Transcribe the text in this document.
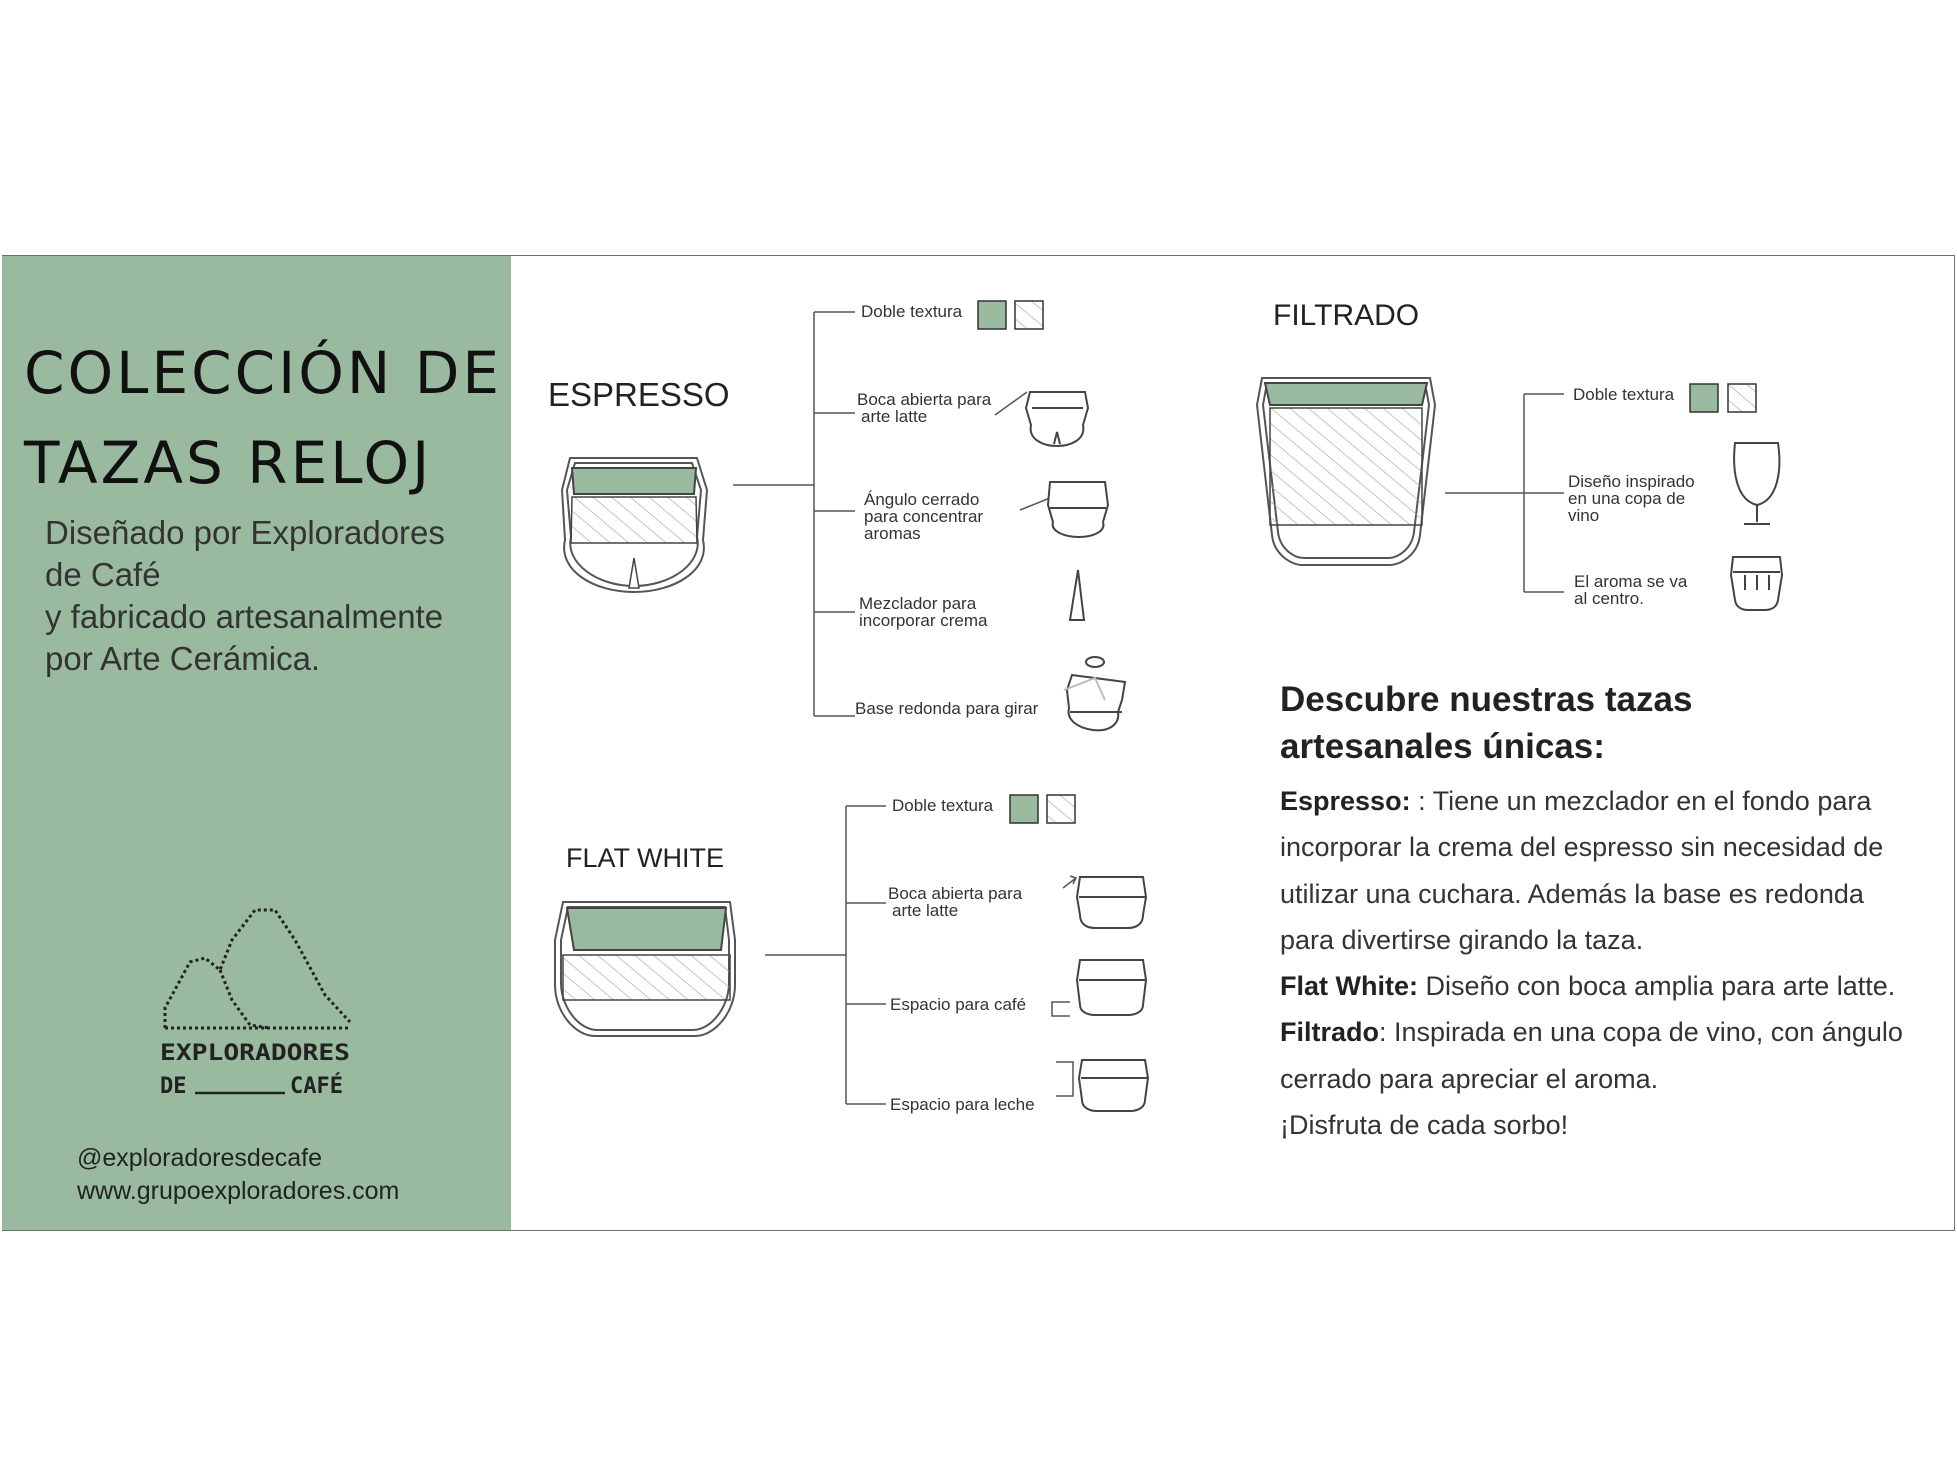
COLECCIÓN DE
TAZAS RELOJ
Diseñado por Exploradores
de Café
y fabricado artesanalmente
por Arte Cerámica.
EXPLORADORES
DE	CAFÉ
@exploradoresdecafe
www.grupoexploradores.com
ESPRESSO
FILTRADO
FLAT WHITE
Doble textura
Boca abierta para
arte latte
Ángulo cerrado
para concentrar
aromas
Mezclador para
incorporar crema
Base redonda para girar
Doble textura
Diseño inspirado
en una copa de
vino
El aroma se va
al centro.
Doble textura
Boca abierta para
arte latte
Espacio para café
Espacio para leche
Descubre nuestras tazas
artesanales únicas:

Espresso: : Tiene un mezclador en el fondo para incorporar la crema del espresso sin necesidad de utilizar una cuchara. Además la base es redonda para divertirse girando la taza.

Flat White: Diseño con boca amplia para arte latte.

Filtrado: Inspirada en una copa de vino, con ángulo cerrado para apreciar el aroma.

¡Disfruta de cada sorbo!
